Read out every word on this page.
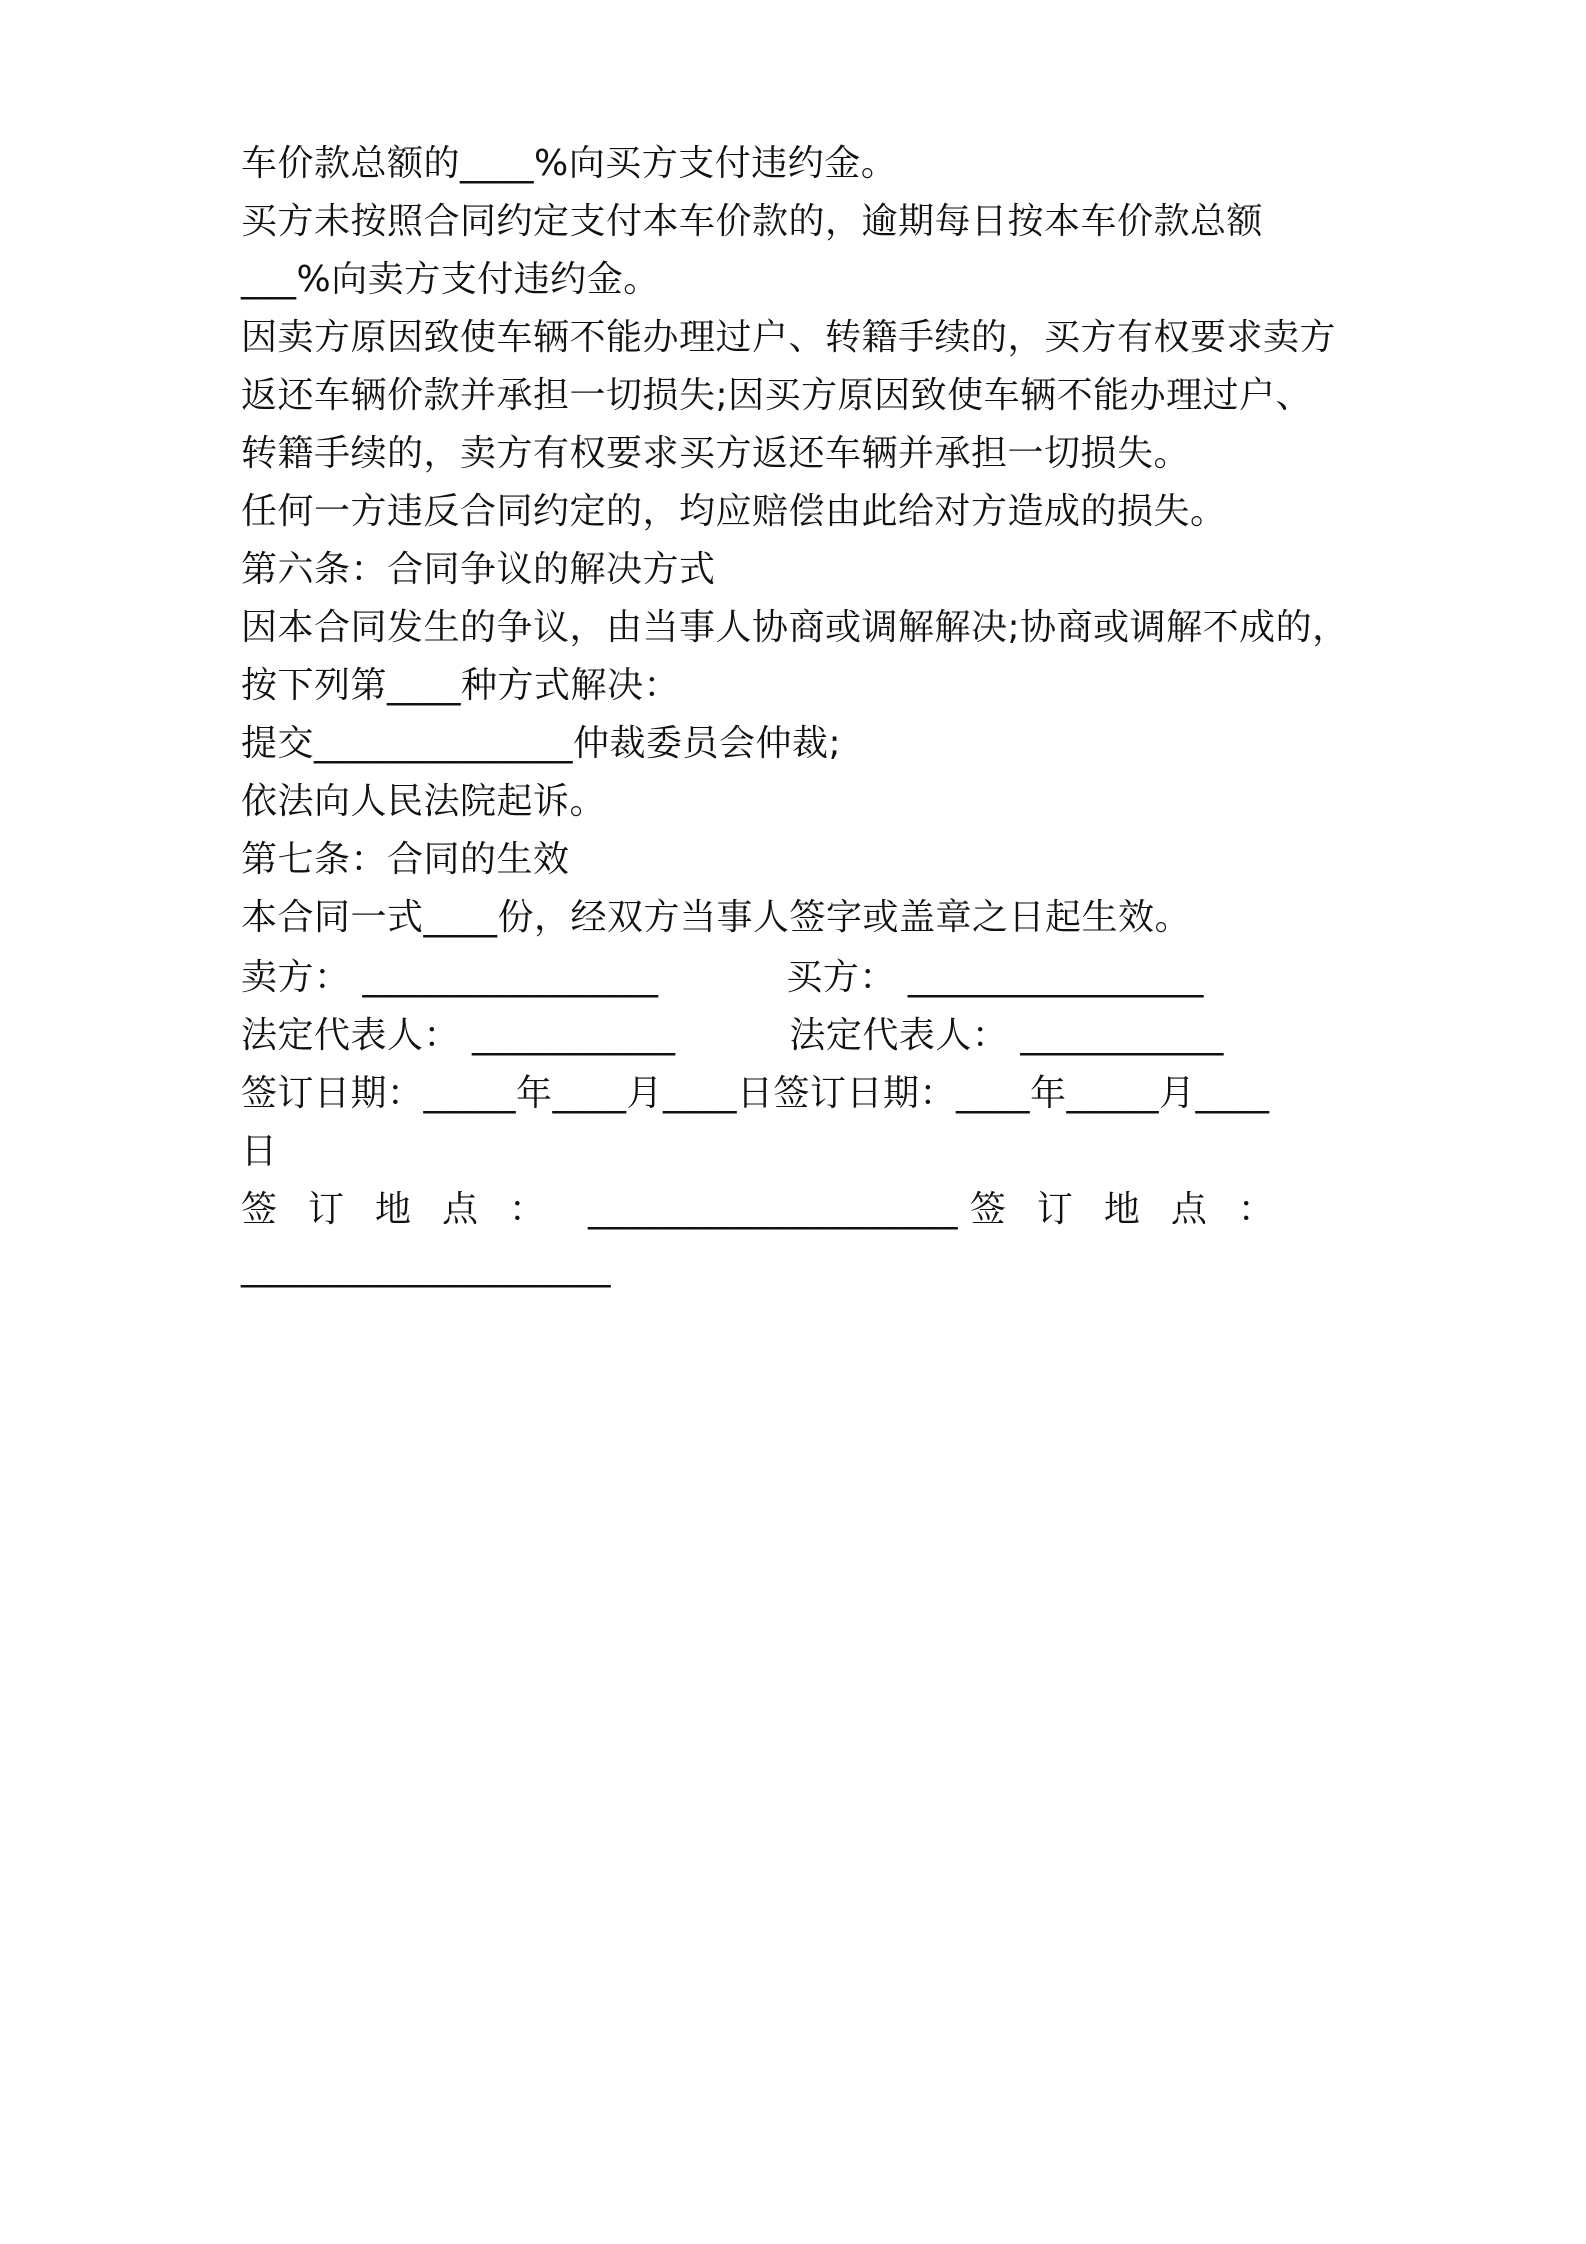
车价款总额的____%向买方支付违约金。
买方未按照合同约定支付本车价款的，逾期每日按本车价款总额
___%向卖方支付违约金。
因卖方原因致使车辆不能办理过户、转籍手续的，买方有权要求卖方
返还车辆价款并承担一切损失;因买方原因致使车辆不能办理过户、
转籍手续的，卖方有权要求买方返还车辆并承担一切损失。
任何一方违反合同约定的，均应赔偿由此给对方造成的损失。
第六条：合同争议的解决方式
因本合同发生的争议，由当事人协商或调解解决;协商或调解不成的，
按下列第____种方式解决：
提交______________仲裁委员会仲裁;
依法向人民法院起诉。
第七条：合同的生效
本合同一式____份，经双方当事人签字或盖章之日起生效。
卖方： ________________	买方： ________________
法定代表人： ___________	法定代表人： ___________
签订日期：_____年____月____日签订日期：____年_____月____
日
签订地点： ____________________ 签订地点：
____________________
